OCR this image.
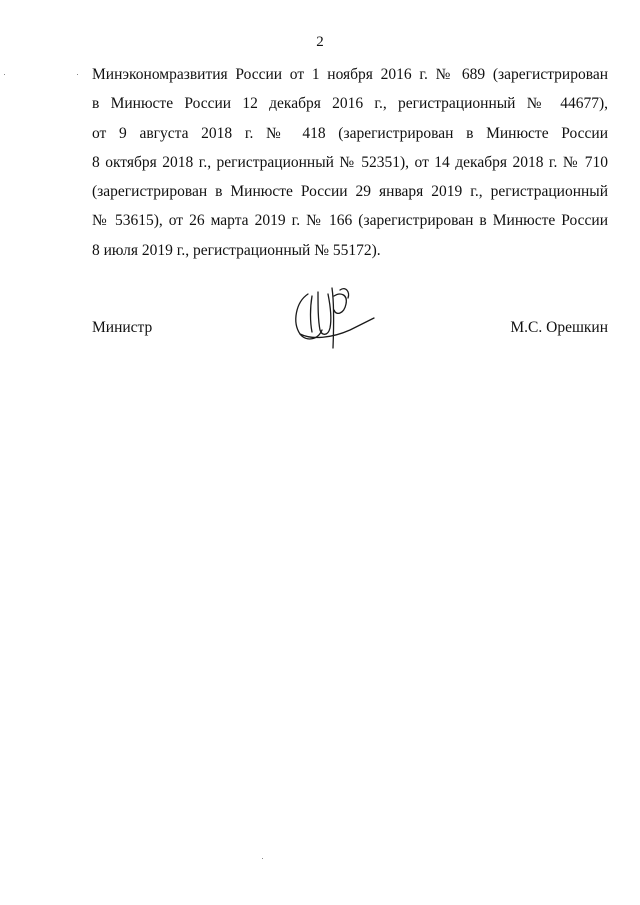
2
Минэкономразвития России от 1 ноября 2016 г. № 689 (зарегистрирован
в Минюсте России 12 декабря 2016 г., регистрационный № 44677),
от 9 августа 2018 г. № 418 (зарегистрирован в Минюсте России
8 октября 2018 г., регистрационный № 52351), от 14 декабря 2018 г. № 710
(зарегистрирован в Минюсте России 29 января 2019 г., регистрационный
№ 53615), от 26 марта 2019 г. № 166 (зарегистрирован в Минюсте России
8 июля 2019 г., регистрационный № 55172).
Министр	М.С. Орешкин
